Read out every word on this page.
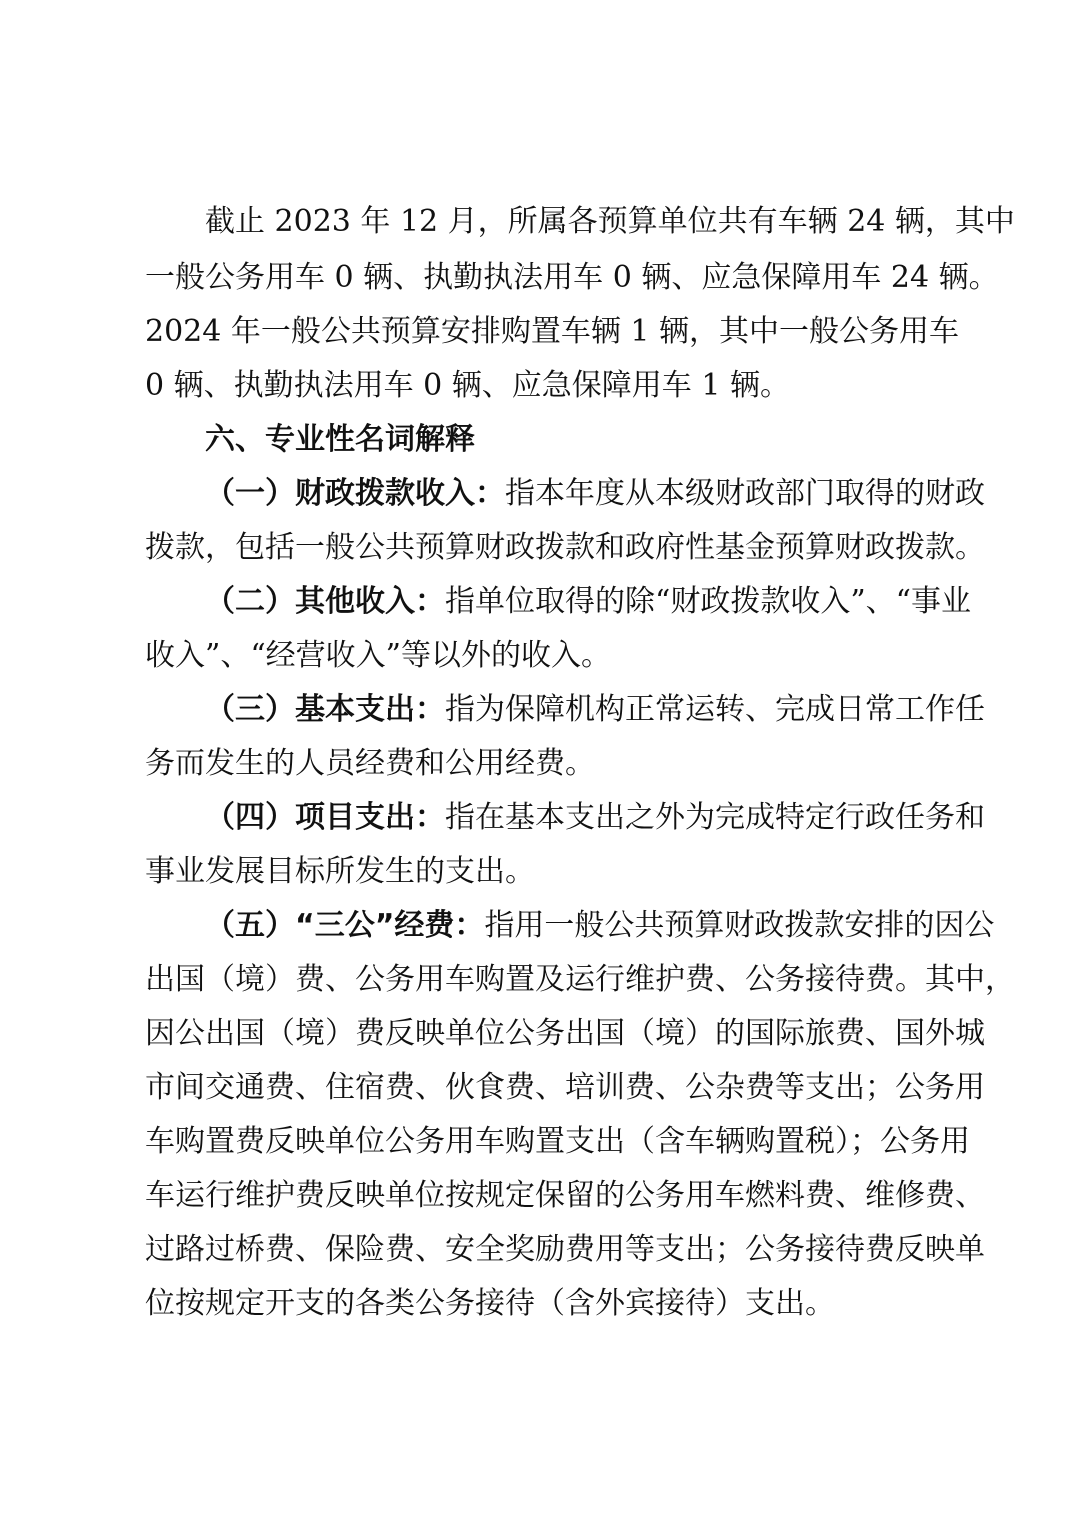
截止 2023 年 12 月，所属各预算单位共有车辆 24 辆，其中
一般公务用车 0 辆、执勤执法用车 0 辆、应急保障用车 24 辆。
2024 年一般公共预算安排购置车辆 1 辆，其中一般公务用车
0 辆、执勤执法用车 0 辆、应急保障用车 1 辆。
六、专业性名词解释
（一）财政拨款收入：指本年度从本级财政部门取得的财政
拨款，包括一般公共预算财政拨款和政府性基金预算财政拨款。
（二）其他收入：指单位取得的除“财政拨款收入”、“事业
收入”、“经营收入”等以外的收入。
（三）基本支出：指为保障机构正常运转、完成日常工作任
务而发生的人员经费和公用经费。
（四）项目支出：指在基本支出之外为完成特定行政任务和
事业发展目标所发生的支出。
（五）“三公”经费：指用一般公共预算财政拨款安排的因公
出国（境）费、公务用车购置及运行维护费、公务接待费。其中，
因公出国（境）费反映单位公务出国（境）的国际旅费、国外城
市间交通费、住宿费、伙食费、培训费、公杂费等支出；公务用
车购置费反映单位公务用车购置支出（含车辆购置税）；公务用
车运行维护费反映单位按规定保留的公务用车燃料费、维修费、
过路过桥费、保险费、安全奖励费用等支出；公务接待费反映单
位按规定开支的各类公务接待（含外宾接待）支出。
